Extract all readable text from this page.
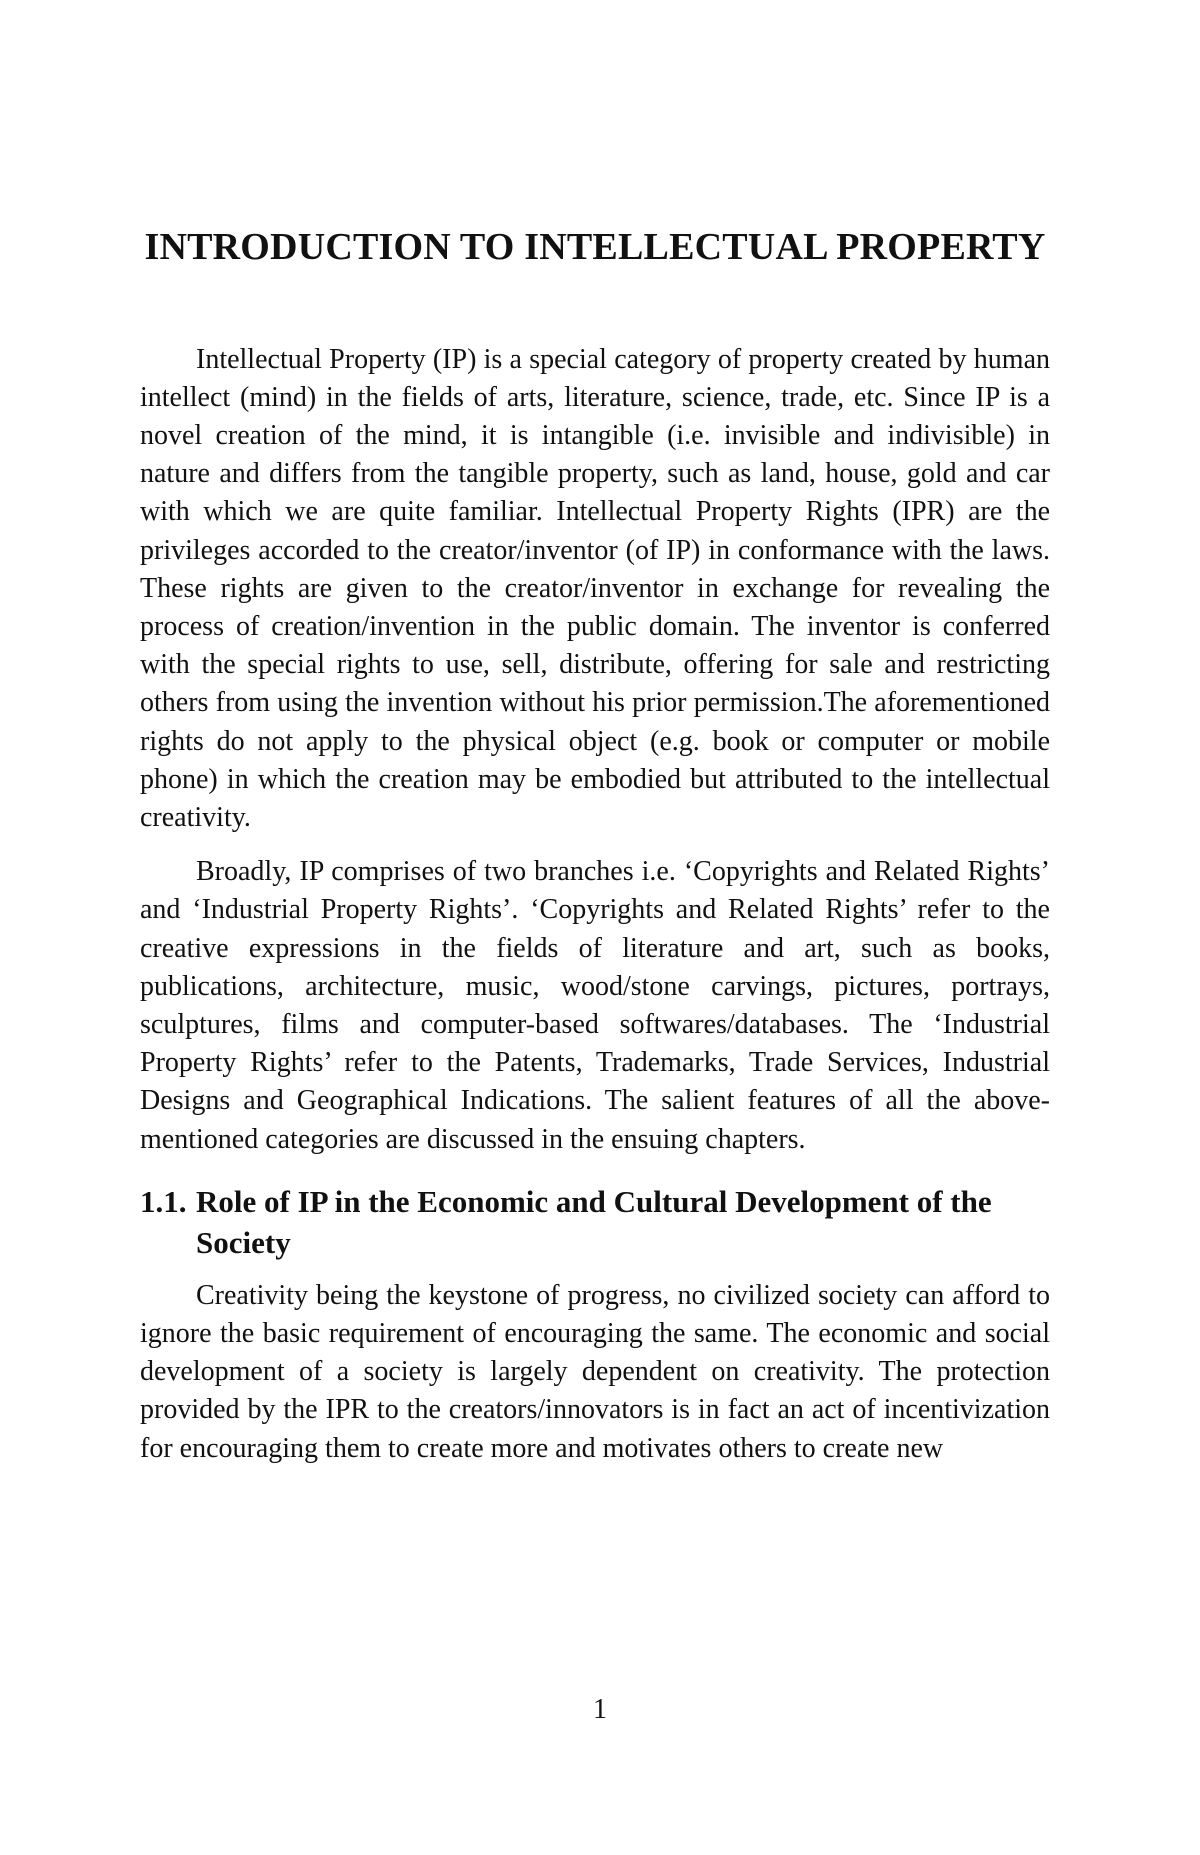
INTRODUCTION TO INTELLECTUAL PROPERTY

Intellectual Property (IP) is a special category of property created by human intellect (mind) in the fields of arts, literature, science, trade, etc. Since IP is a novel creation of the mind, it is intangible (i.e. invisible and indivisible) in nature and differs from the tangible property, such as land, house, gold and car with which we are quite familiar. Intellectual Property Rights (IPR) are the privileges accorded to the creator/inventor (of IP) in conformance with the laws. These rights are given to the creator/inventor in exchange for revealing the process of creation/invention in the public domain. The inventor is conferred with the special rights to use, sell, distribute, offering for sale and restricting others from using the invention without his prior permission.The aforementioned rights do not apply to the physical object (e.g. book or computer or mobile phone) in which the creation may be embodied but attributed to the intellectual creativity.

Broadly, IP comprises of two branches i.e. ‘Copyrights and Related Rights’ and ‘Industrial Property Rights’. ‘Copyrights and Related Rights’ refer to the creative expressions in the fields of literature and art, such as books, publications, architecture, music, wood/stone carvings, pictures, portrays, sculptures, films and computer-based softwares/databases. The ‘Industrial Property Rights’ refer to the Patents, Trademarks, Trade Services, Industrial Designs and Geographical Indications. The salient features of all the above-mentioned categories are discussed in the ensuing chapters.

1.1. Role of IP in the Economic and Cultural Development of the Society

Creativity being the keystone of progress, no civilized society can afford to ignore the basic requirement of encouraging the same. The economic and social development of a society is largely dependent on creativity. The protection provided by the IPR to the creators/innovators is in fact an act of incentivization for encouraging them to create more and motivates others to create new

1
